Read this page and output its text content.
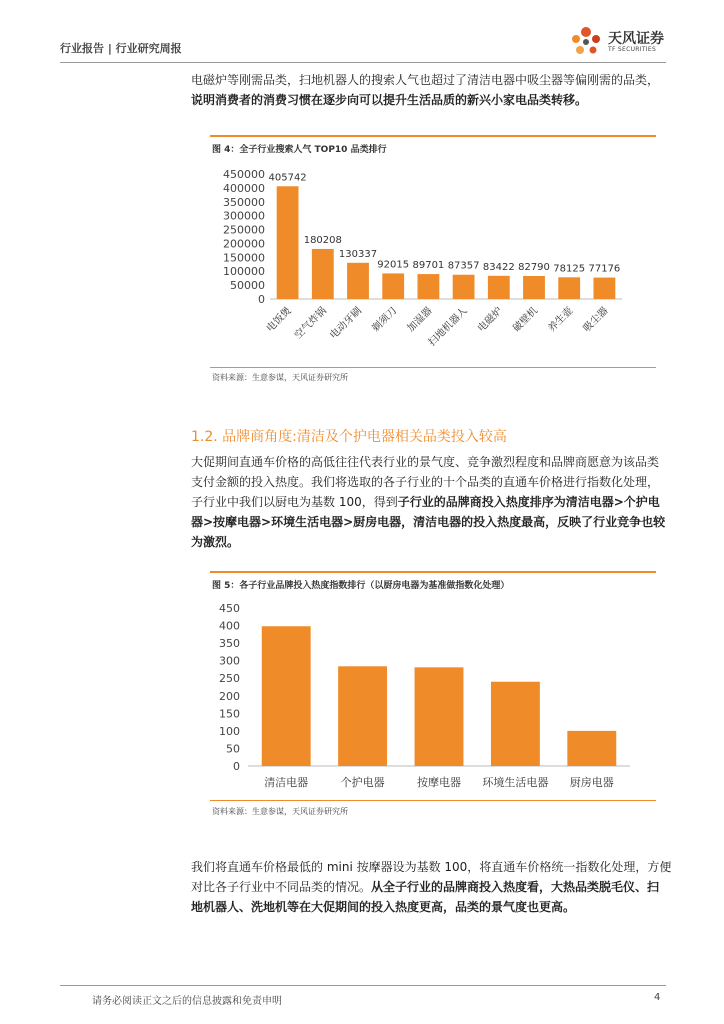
行业报告 | 行业研究周报
天风证券
TF SECURITIES
电磁炉等刚需品类，扫地机器人的搜索人气也超过了清洁电器中吸尘器等偏刚需的品类，
说明消费者的消费习惯在逐步向可以提升生活品质的新兴小家电品类转移。
图 4：全子行业搜索人气 TOP10 品类排行
0
50000
100000
150000
200000
250000
300000
350000
400000
450000 405742
电饭煲
180208
空气炸锅
130337
电动牙刷
92015
剃须刀
89701
加湿器
87357
扫地机器人
83422
电磁炉
82790
破壁机
78125
养生壶
77176
吸尘器
资料来源：生意参谋，天风证券研究所
1.2. 品牌商角度:清洁及个护电器相关品类投入较高
大促期间直通车价格的高低往往代表行业的景气度、竞争激烈程度和品牌商愿意为该品类
支付金额的投入热度。我们将选取的各子行业的十个品类的直通车价格进行指数化处理，
子行业中我们以厨电为基数 100，得到子行业的品牌商投入热度排序为清洁电器>个护电
器>按摩电器>环境生活电器>厨房电器，清洁电器的投入热度最高，反映了行业竞争也较
为激烈。
图 5：各子行业品牌投入热度指数排行（以厨房电器为基准做指数化处理）
0
50
100
150
200
250
300
350
400
450
清洁电器	个护电器	按摩电器 环境生活电器 厨房电器
资料来源：生意参谋，天风证券研究所
我们将直通车价格最低的 mini 按摩器设为基数 100，将直通车价格统一指数化处理，方便
对比各子行业中不同品类的情况。从全子行业的品牌商投入热度看，大热品类脱毛仪、扫
地机器人、洗地机等在大促期间的投入热度更高，品类的景气度也更高。
请务必阅读正文之后的信息披露和免责申明	4
